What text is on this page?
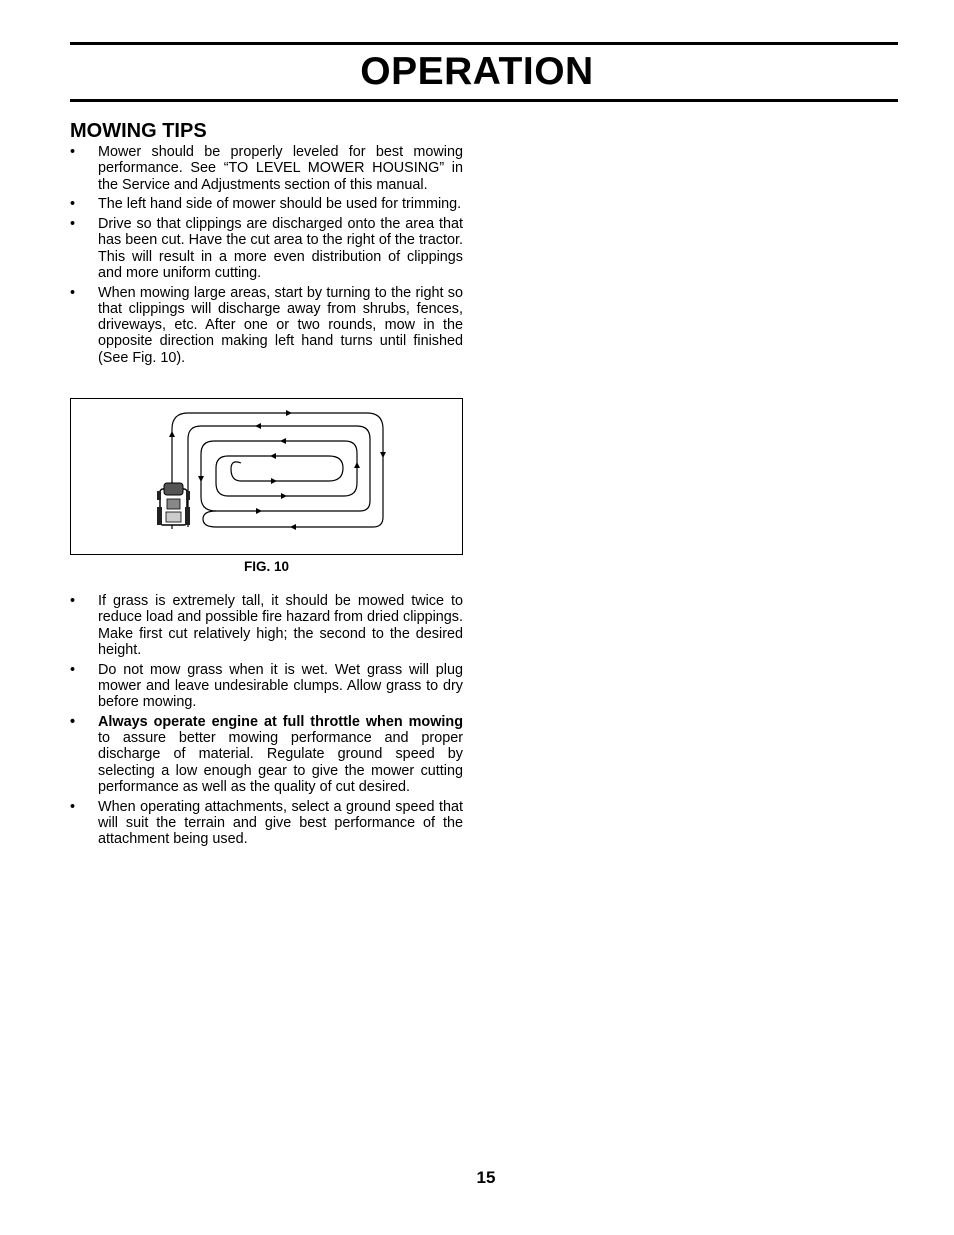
OPERATION
MOWING TIPS
• Mower should be properly leveled for best mowing performance. See “TO LEVEL MOWER HOUSING” in the Service and Adjustments section of this manual.
• The left hand side of mower should be used for trimming.
• Drive so that clippings are discharged onto the area that has been cut. Have the cut area to the right of the tractor. This will result in a more even distribution of clippings and more uniform cutting.
• When mowing large areas, start by turning to the right so that clippings will discharge away from shrubs, fences, driveways, etc. After one or two rounds, mow in the opposite direction making left hand turns until finished (See Fig. 10).
FIG. 10
• If grass is extremely tall, it should be mowed twice to reduce load and possible fire hazard from dried clippings. Make first cut relatively high; the second to the desired height.
• Do not mow grass when it is wet. Wet grass will plug mower and leave undesirable clumps. Allow grass to dry before mowing.
• Always operate engine at full throttle when mowing to assure better mowing performance and proper discharge of material. Regulate ground speed by selecting a low enough gear to give the mower cutting performance as well as the quality of cut desired.
• When operating attachments, select a ground speed that will suit the terrain and give best performance of the attachment being used.
15
